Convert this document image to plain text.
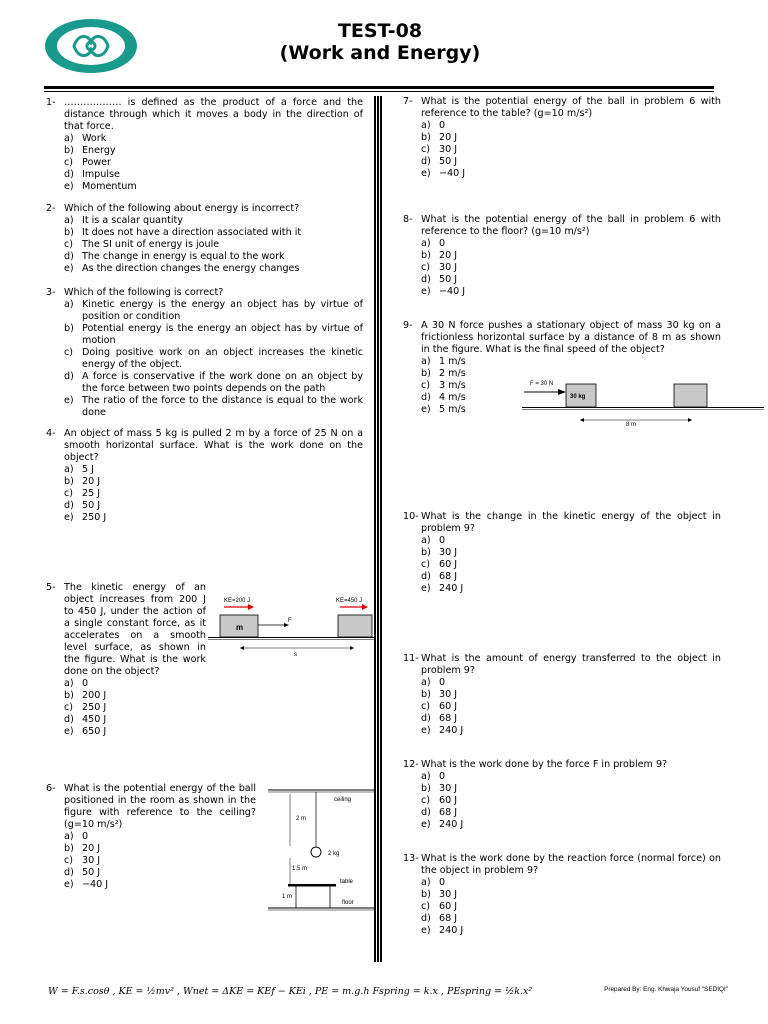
TEST-08
(Work and Energy)
1- ……………… is defined as the product of a force and the distance through which it moves a body in the direction of that force.
a) Work
b) Energy
c) Power
d) Impulse
e) Momentum
2- Which of the following about energy is incorrect?
a) It is a scalar quantity
b) It does not have a direction associated with it
c) The SI unit of energy is joule
d) The change in energy is equal to the work
e) As the direction changes the energy changes
3- Which of the following is correct?
a) Kinetic energy is the energy an object has by virtue of position or condition
b) Potential energy is the energy an object has by virtue of motion
c) Doing positive work on an object increases the kinetic energy of the object.
d) A force is conservative if the work done on an object by the force between two points depends on the path
e) The ratio of the force to the distance is equal to the work done
4- An object of mass 5 kg is pulled 2 m by a force of 25 N on a smooth horizontal surface. What is the work done on the object?
a) 5 J
b) 20 J
c) 25 J
d) 50 J
e) 250 J
5- The kinetic energy of an object increases from 200 J to 450 J, under the action of a single constant force, as it accelerates on a smooth level surface, as shown in the figure. What is the work done on the object?
a) 0
b) 200 J
c) 250 J
d) 450 J
e) 650 J
6- What is the potential energy of the ball positioned in the room as shown in the figure with reference to the ceiling? (g=10 m/s²)
a) 0
b) 20 J
c) 30 J
d) 50 J
e) −40 J
7- What is the potential energy of the ball in problem 6 with reference to the table? (g=10 m/s²)
a) 0
b) 20 J
c) 30 J
d) 50 J
e) −40 J
8- What is the potential energy of the ball in problem 6 with reference to the floor? (g=10 m/s²)
a) 0
b) 20 J
c) 30 J
d) 50 J
e) −40 J
9- A 30 N force pushes a stationary object of mass 30 kg on a frictionless horizontal surface by a distance of 8 m as shown in the figure. What is the final speed of the object?
a) 1 m/s
b) 2 m/s
c) 3 m/s
d) 4 m/s
e) 5 m/s
10- What is the change in the kinetic energy of the object in problem 9?
a) 0
b) 30 J
c) 60 J
d) 68 J
e) 240 J
11- What is the amount of energy transferred to the object in problem 9?
a) 0
b) 30 J
c) 60 J
d) 68 J
e) 240 J
12- What is the work done by the force F in problem 9?
a) 0
b) 30 J
c) 60 J
d) 68 J
e) 240 J
13- What is the work done by the reaction force (normal force) on the object in problem 9?
a) 0
b) 30 J
c) 60 J
d) 68 J
e) 240 J
KE=200 J	KE=450 J
m
F
s
ceiling
2 m
2 kg
1.5 m
table
1 m
floor
F = 30 N
30 kg
8 m
W = F.s.cosθ , KE = ½mv² , Wnet = ΔKE = KEf − KEi , PE = m.g.h Fspring = k.x , PEspring = ½k.x²	Prepared By: Eng. Khwaja Yousuf "SEDIQI"
